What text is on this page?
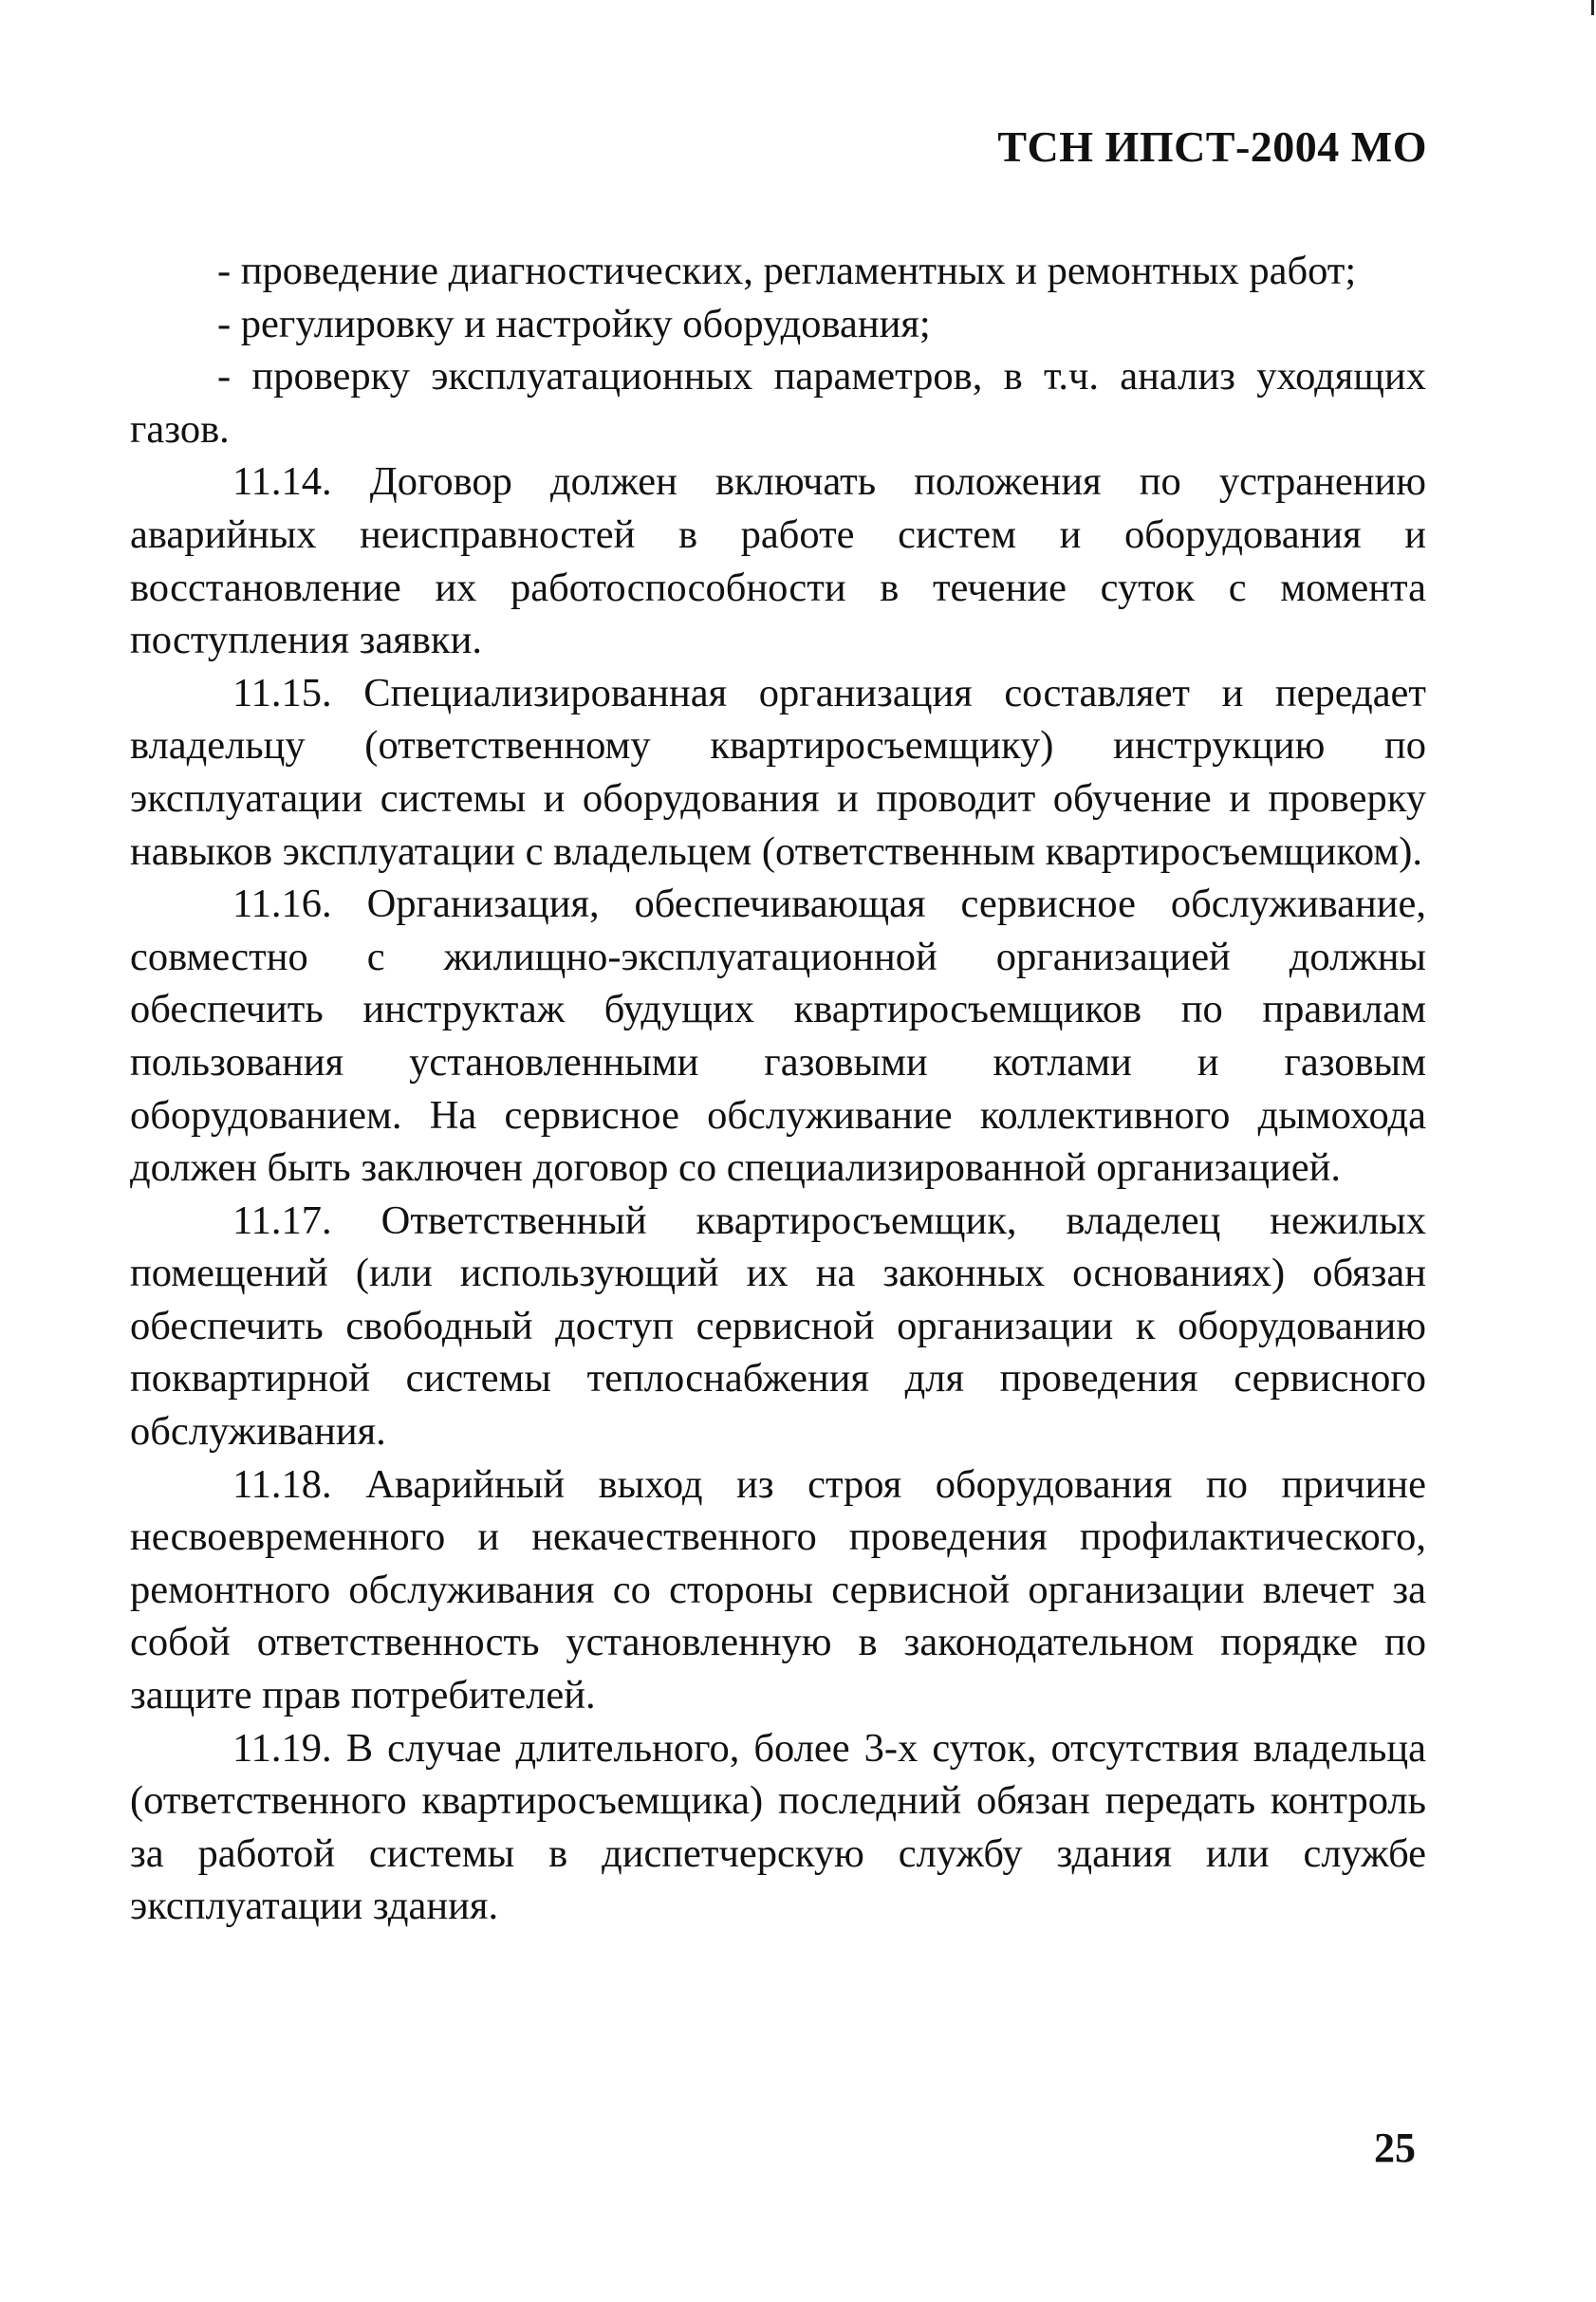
ТСН ИПСТ-2004 МО

- проведение диагностических, регламентных и ремонтных работ;

- регулировку и настройку оборудования;

- проверку эксплуатационных параметров, в т.ч. анализ уходящих газов.

11.14. Договор должен включать положения по устранению аварийных неисправностей в работе систем и оборудования и восстановление их работоспособности в течение суток с момента поступления заявки.

11.15. Специализированная организация составляет и передает владельцу (ответственному квартиросъемщику) инструкцию по эксплуатации системы и оборудования и проводит обучение и проверку навыков эксплуатации с владельцем (ответственным квартиросъемщиком).

11.16. Организация, обеспечивающая сервисное обслуживание, совместно с жилищно-эксплуатационной организацией должны обеспечить инструктаж будущих квартиросъемщиков по правилам пользования установленными газовыми котлами и газовым оборудованием. На сервисное обслуживание коллективного дымохода должен быть заключен договор со специализированной организацией.

11.17. Ответственный квартиросъемщик, владелец нежилых помещений (или использующий их на законных основаниях) обязан обеспечить свободный доступ сервисной организации к оборудованию поквартирной системы теплоснабжения для проведения сервисного обслуживания.

11.18. Аварийный выход из строя оборудования по причине несвоевременного и некачественного проведения профилактического, ремонтного обслуживания со стороны сервисной организации влечет за собой ответственность установленную в законодательном порядке по защите прав потребителей.

11.19. В случае длительного, более 3-х суток, отсутствия владельца (ответственного квартиросъемщика) последний обязан передать контроль за работой системы в диспетчерскую службу здания или службе эксплуатации здания.

25
